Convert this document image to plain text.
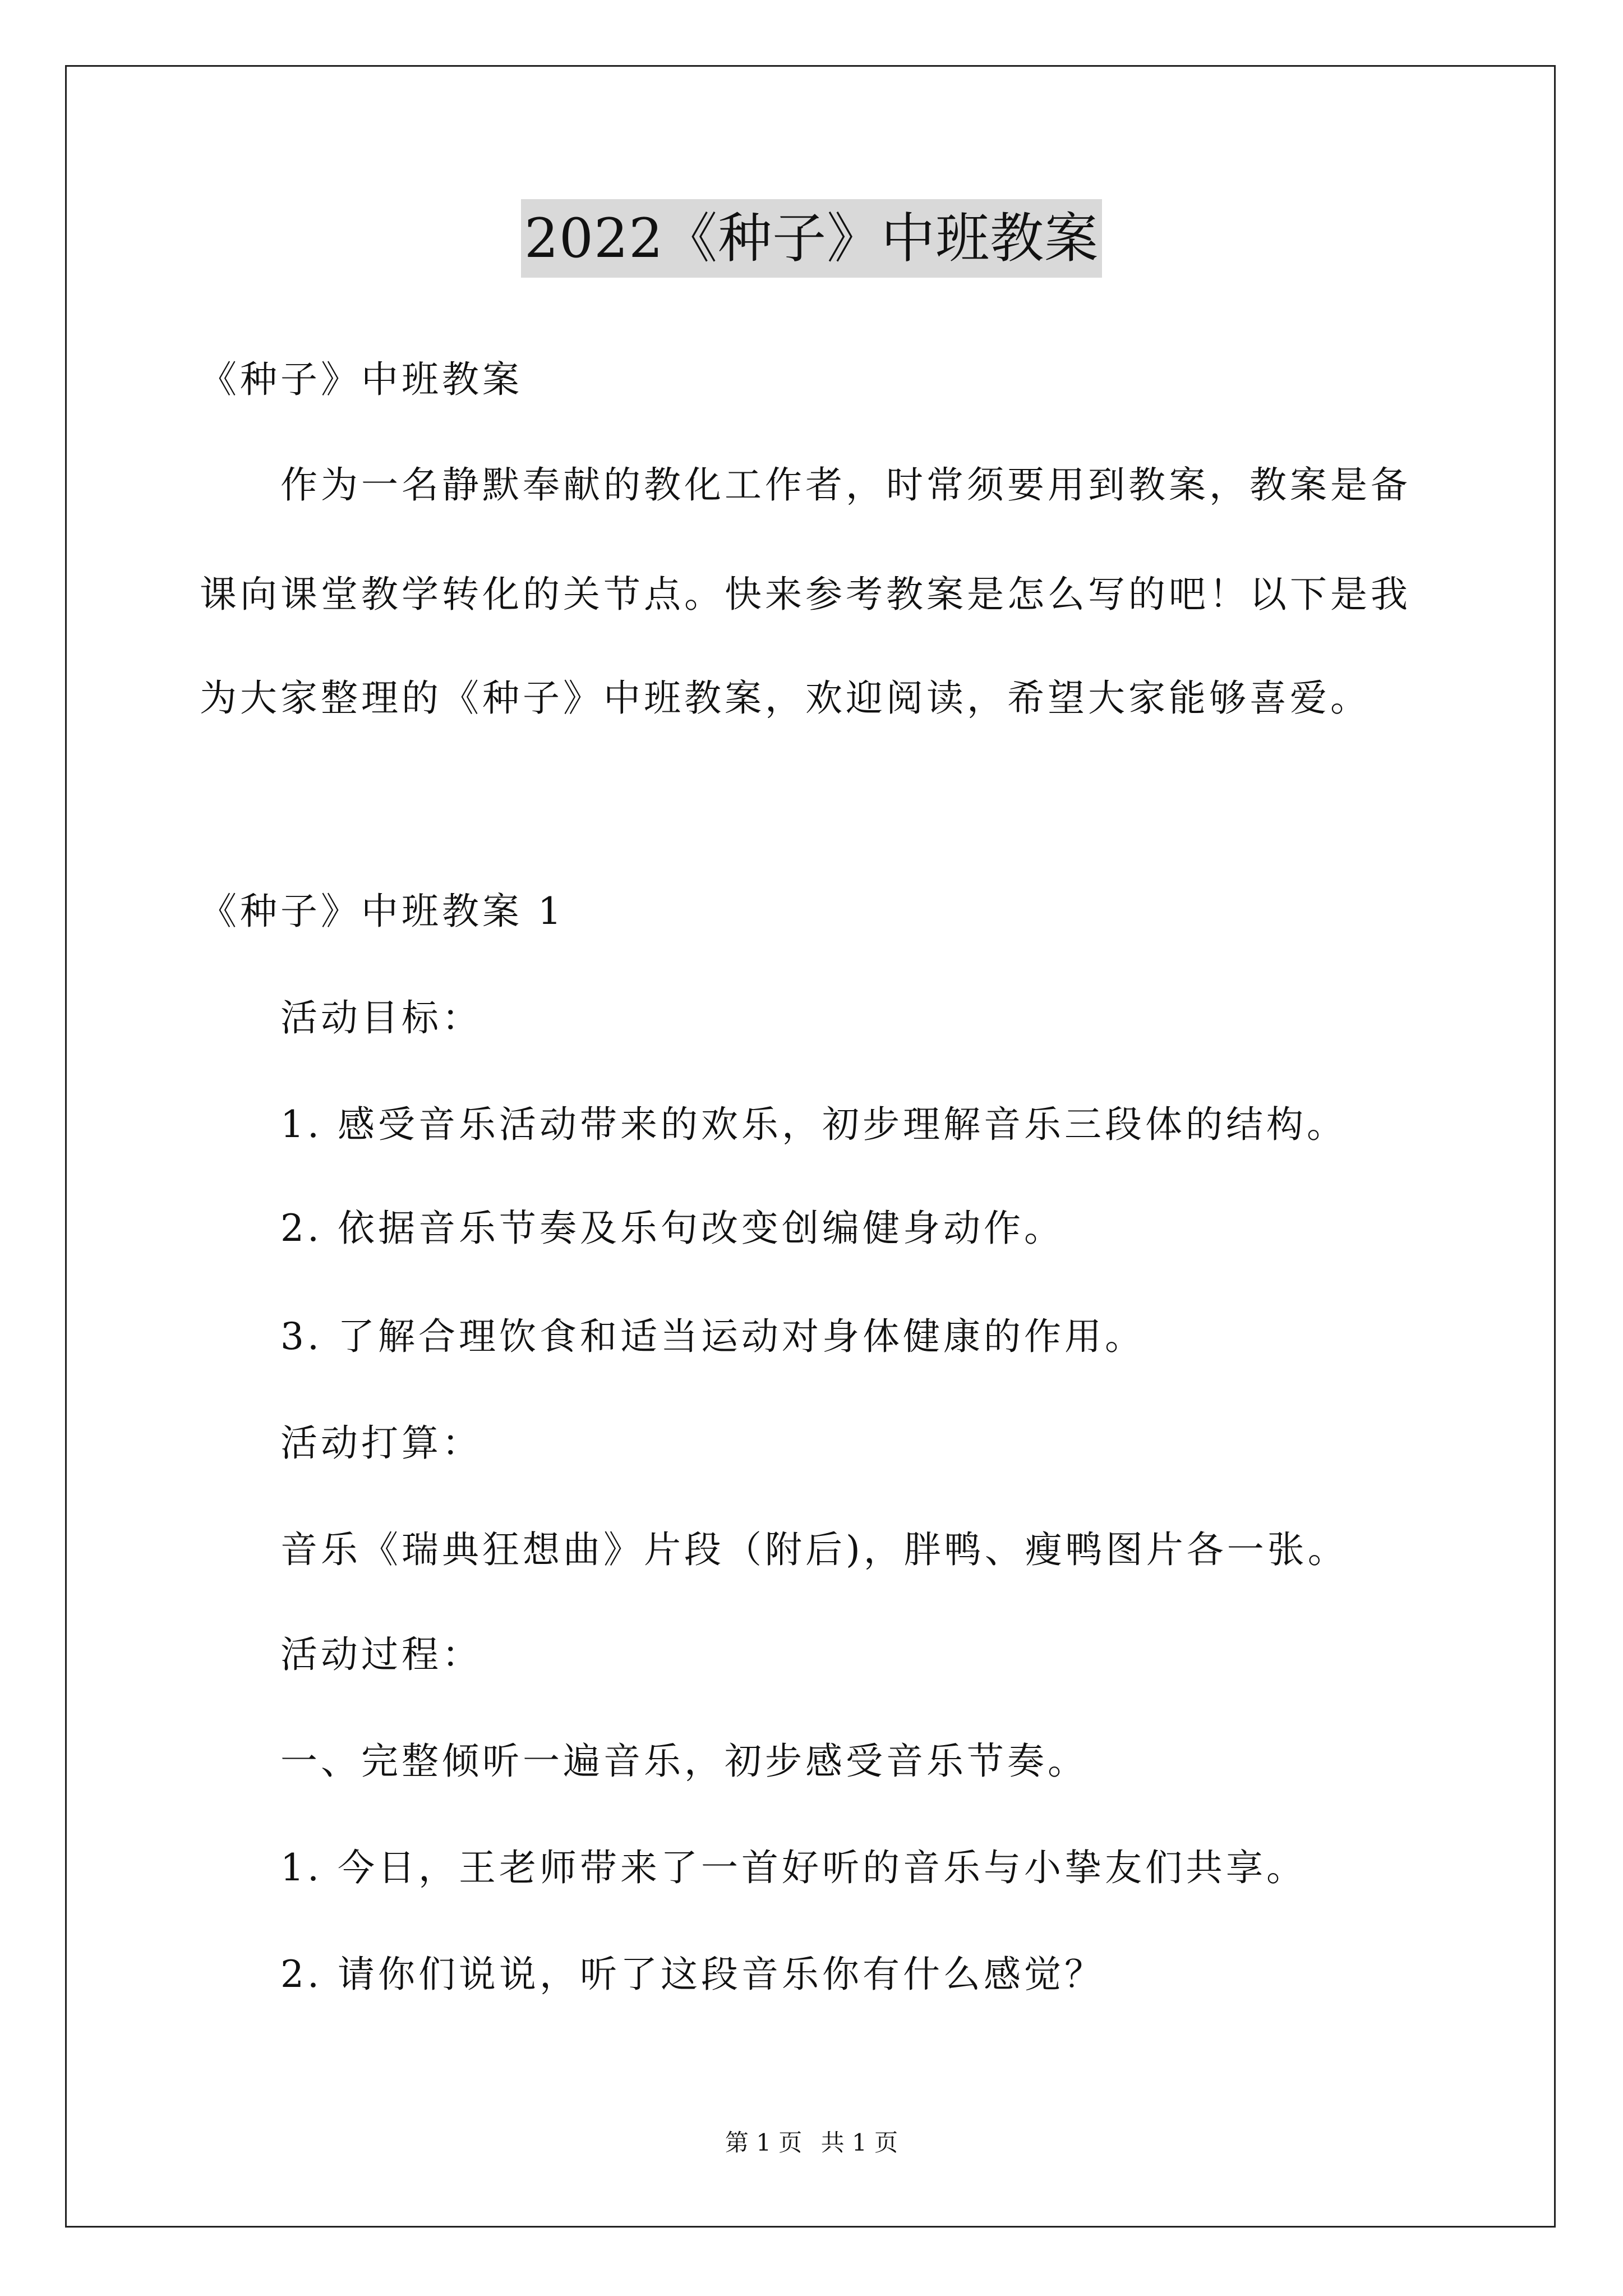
2022《种子》中班教案
《种子》中班教案
作为一名静默奉献的教化工作者，时常须要用到教案，教案是备
课向课堂教学转化的关节点。快来参考教案是怎么写的吧！以下是我
为大家整理的《种子》中班教案，欢迎阅读，希望大家能够喜爱。
《种子》中班教案 1
活动目标：
1. 感受音乐活动带来的欢乐，初步理解音乐三段体的结构。
2. 依据音乐节奏及乐句改变创编健身动作。
3. 了解合理饮食和适当运动对身体健康的作用。
活动打算：
音乐《瑞典狂想曲》片段（附后)，胖鸭、瘦鸭图片各一张。
活动过程：
一、完整倾听一遍音乐，初步感受音乐节奏。
1. 今日，王老师带来了一首好听的音乐与小挚友们共享。
2. 请你们说说，听了这段音乐你有什么感觉？
第 1 页 共 1 页
